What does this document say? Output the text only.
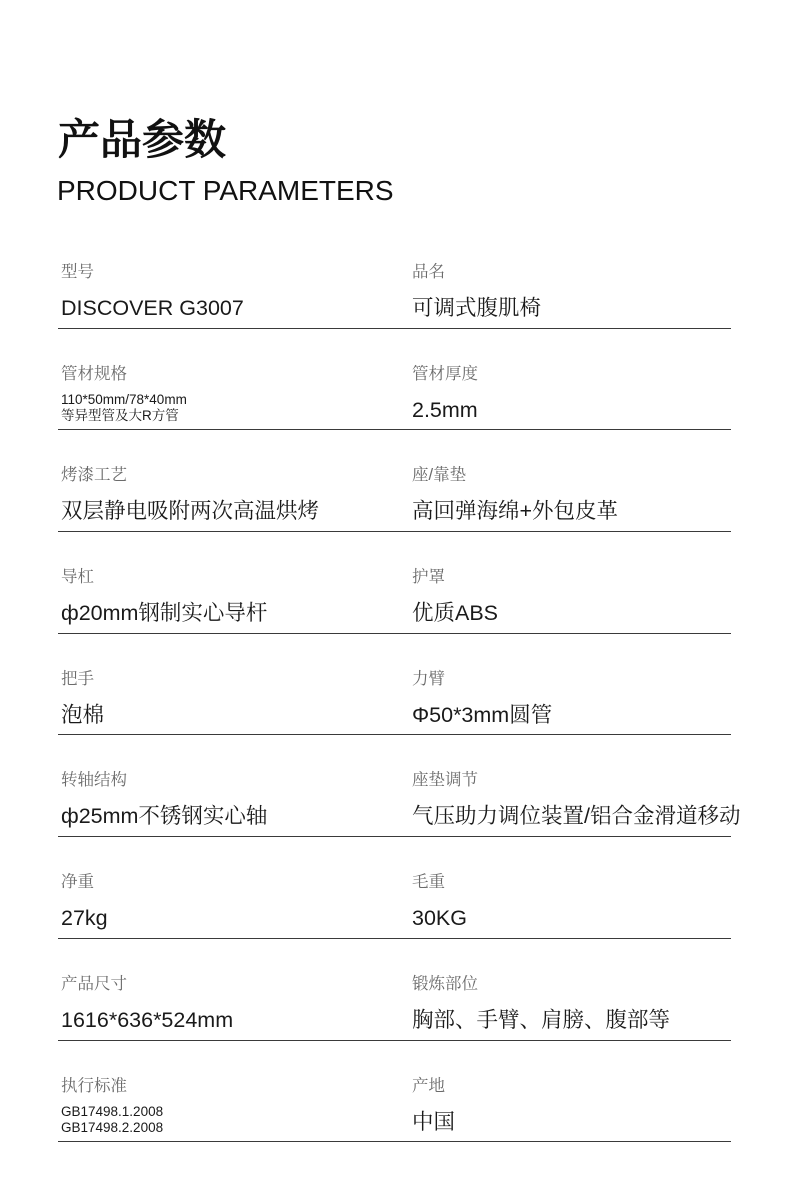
产品参数
PRODUCT PARAMETERS
型号
DISCOVER G3007
品名
可调式腹肌椅
管材规格
110*50mm/78*40mm
等异型管及大R方管
管材厚度
2.5mm
烤漆工艺
双层静电吸附两次高温烘烤
座/靠垫
高回弹海绵+外包皮革
导杠
ф20mm钢制实心导杆
护罩
优质ABS
把手
泡棉
力臂
Φ50*3mm圆管
转轴结构
ф25mm不锈钢实心轴
座垫调节
气压助力调位装置/铝合金滑道移动
净重
27kg
毛重
30KG
产品尺寸
1616*636*524mm
锻炼部位
胸部、手臂、肩膀、腹部等
执行标准
GB17498.1.2008
GB17498.2.2008
产地
中国
